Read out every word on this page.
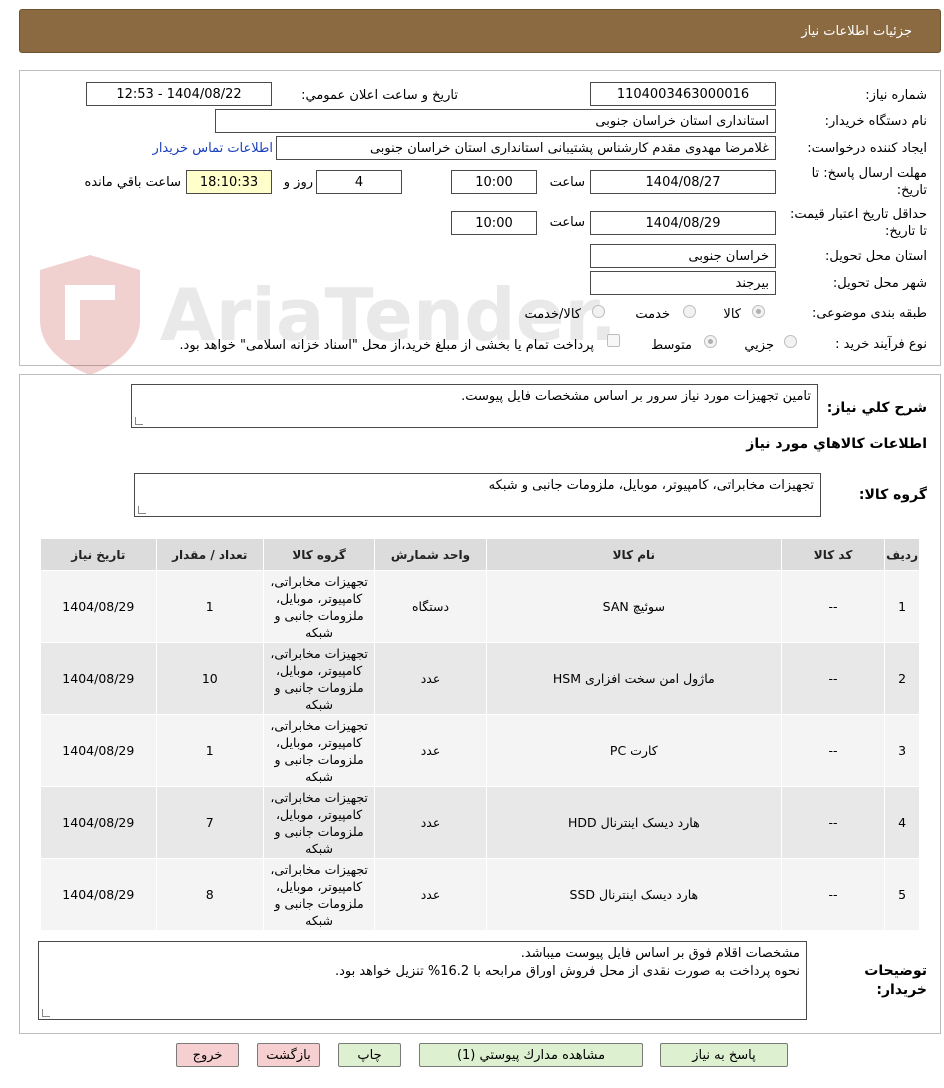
جزئیات اطلاعات نیاز
شماره نیاز:
1104003463000016
تاریخ و ساعت اعلان عمومي:
1404/08/22 - 12:53
نام دستگاه خريدار:
استانداری استان خراسان جنوبی
ايجاد كننده درخواست:
غلامرضا مهدوی مقدم کارشناس پشتیبانی استانداری استان خراسان جنوبی
اطلاعات تماس خريدار
مهلت ارسال پاسخ: تا تاریخ:
1404/08/27
ساعت
10:00
4
روز و
18:10:33
ساعت باقي مانده
حداقل تاريخ اعتبار قيمت: تا تاريخ:
1404/08/29
ساعت
10:00
استان محل تحويل:
خراسان جنوبی
شهر محل تحويل:
بیرجند
طبقه بندی موضوعی:
کالا
خدمت
کالا/خدمت
نوع فرآيند خريد :
جزيي
متوسط
پرداخت تمام يا بخشی از مبلغ خريد،از محل "اسناد خزانه اسلامی" خواهد بود.
شرح كلي نياز:
تامین تجهیزات مورد نیاز سرور بر اساس مشخصات فایل پیوست.
اطلاعات كالاهاي مورد نياز
گروه کالا:
تجهیزات مخابراتی، کامپیوتر، موبایل، ملزومات جانبی و شبکه
رديف	کد کالا	نام کالا	واحد شمارش	گروه کالا	تعداد / مقدار	تاریخ نیاز
1	--	سوئیچ SAN	دستگاه	تجهيزات مخابراتی، کامپیوتر، موبایل، ملزومات جانبی و شبکه	1	1404/08/29
2	--	ماژول امن سخت افزاری HSM	عدد	تجهيزات مخابراتی، کامپیوتر، موبایل، ملزومات جانبی و شبکه	10	1404/08/29
3	--	کارت PC	عدد	تجهيزات مخابراتی، کامپیوتر، موبایل، ملزومات جانبی و شبکه	1	1404/08/29
4	--	هارد دیسک اینترنال HDD	عدد	تجهيزات مخابراتی، کامپیوتر، موبایل، ملزومات جانبی و شبکه	7	1404/08/29
5	--	هارد دیسک اینترنال SSD	عدد	تجهيزات مخابراتی، کامپیوتر، موبایل، ملزومات جانبی و شبکه	8	1404/08/29
توضيحات خريدار:
مشخصات اقلام فوق بر اساس فایل پیوست میباشد.
نحوه پرداخت به صورت نقدی از محل فروش اوراق مرابحه با 16.2% تنزیل خواهد بود.
پاسخ به نياز
مشاهده مدارك پيوستي (1)
چاپ
بازگشت
خروج
